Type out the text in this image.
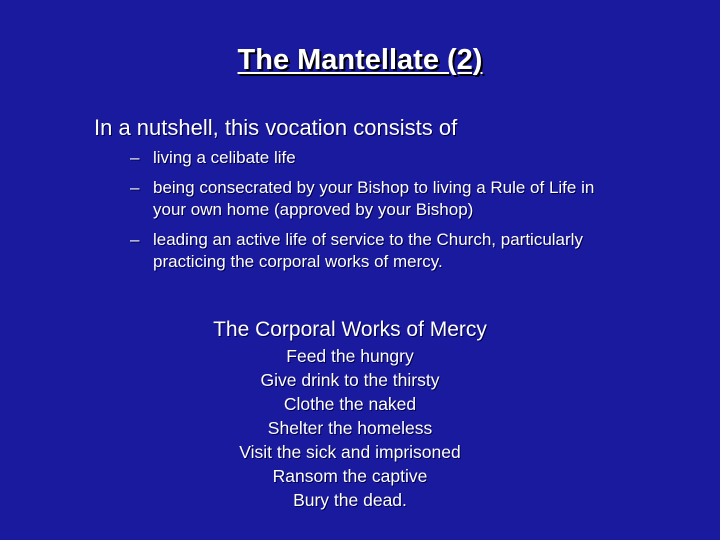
The Mantellate (2)
In a nutshell, this vocation consists of
– living a celibate life
– being consecrated by your Bishop to living a Rule of Life in your own home (approved by your Bishop)
– leading an active life of service to the Church, particularly practicing the corporal works of mercy.
The Corporal Works of Mercy
Feed the hungry
Give drink to the thirsty
Clothe the naked
Shelter the homeless
Visit the sick and imprisoned
Ransom the captive
Bury the dead.
